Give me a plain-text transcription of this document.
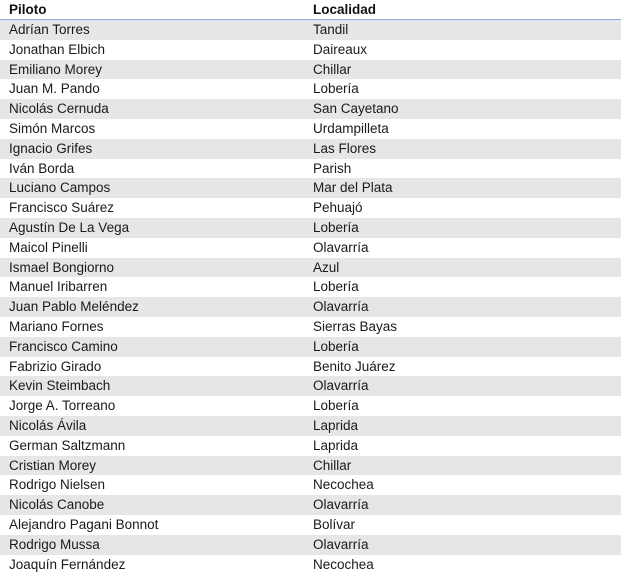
Piloto	Localidad
Adrían Torres	Tandil
Jonathan Elbich	Daireaux
Emiliano Morey	Chillar
Juan M. Pando	Lobería
Nicolás Cernuda	San Cayetano
Simón Marcos	Urdampilleta
Ignacio Grifes	Las Flores
Iván Borda	Parish
Luciano Campos	Mar del Plata
Francisco Suárez	Pehuajó
Agustín De La Vega	Lobería
Maicol Pinelli	Olavarría
Ismael Bongiorno	Azul
Manuel Iribarren	Lobería
Juan Pablo Meléndez	Olavarría
Mariano Fornes	Sierras Bayas
Francisco Camino	Lobería
Fabrizio Girado	Benito Juárez
Kevin Steimbach	Olavarría
Jorge A. Torreano	Lobería
Nicolás Ávila	Laprida
German Saltzmann	Laprida
Cristian Morey	Chillar
Rodrigo Nielsen	Necochea
Nicolás Canobe	Olavarría
Alejandro Pagani Bonnot	Bolívar
Rodrigo Mussa	Olavarría
Joaquín Fernández	Necochea
